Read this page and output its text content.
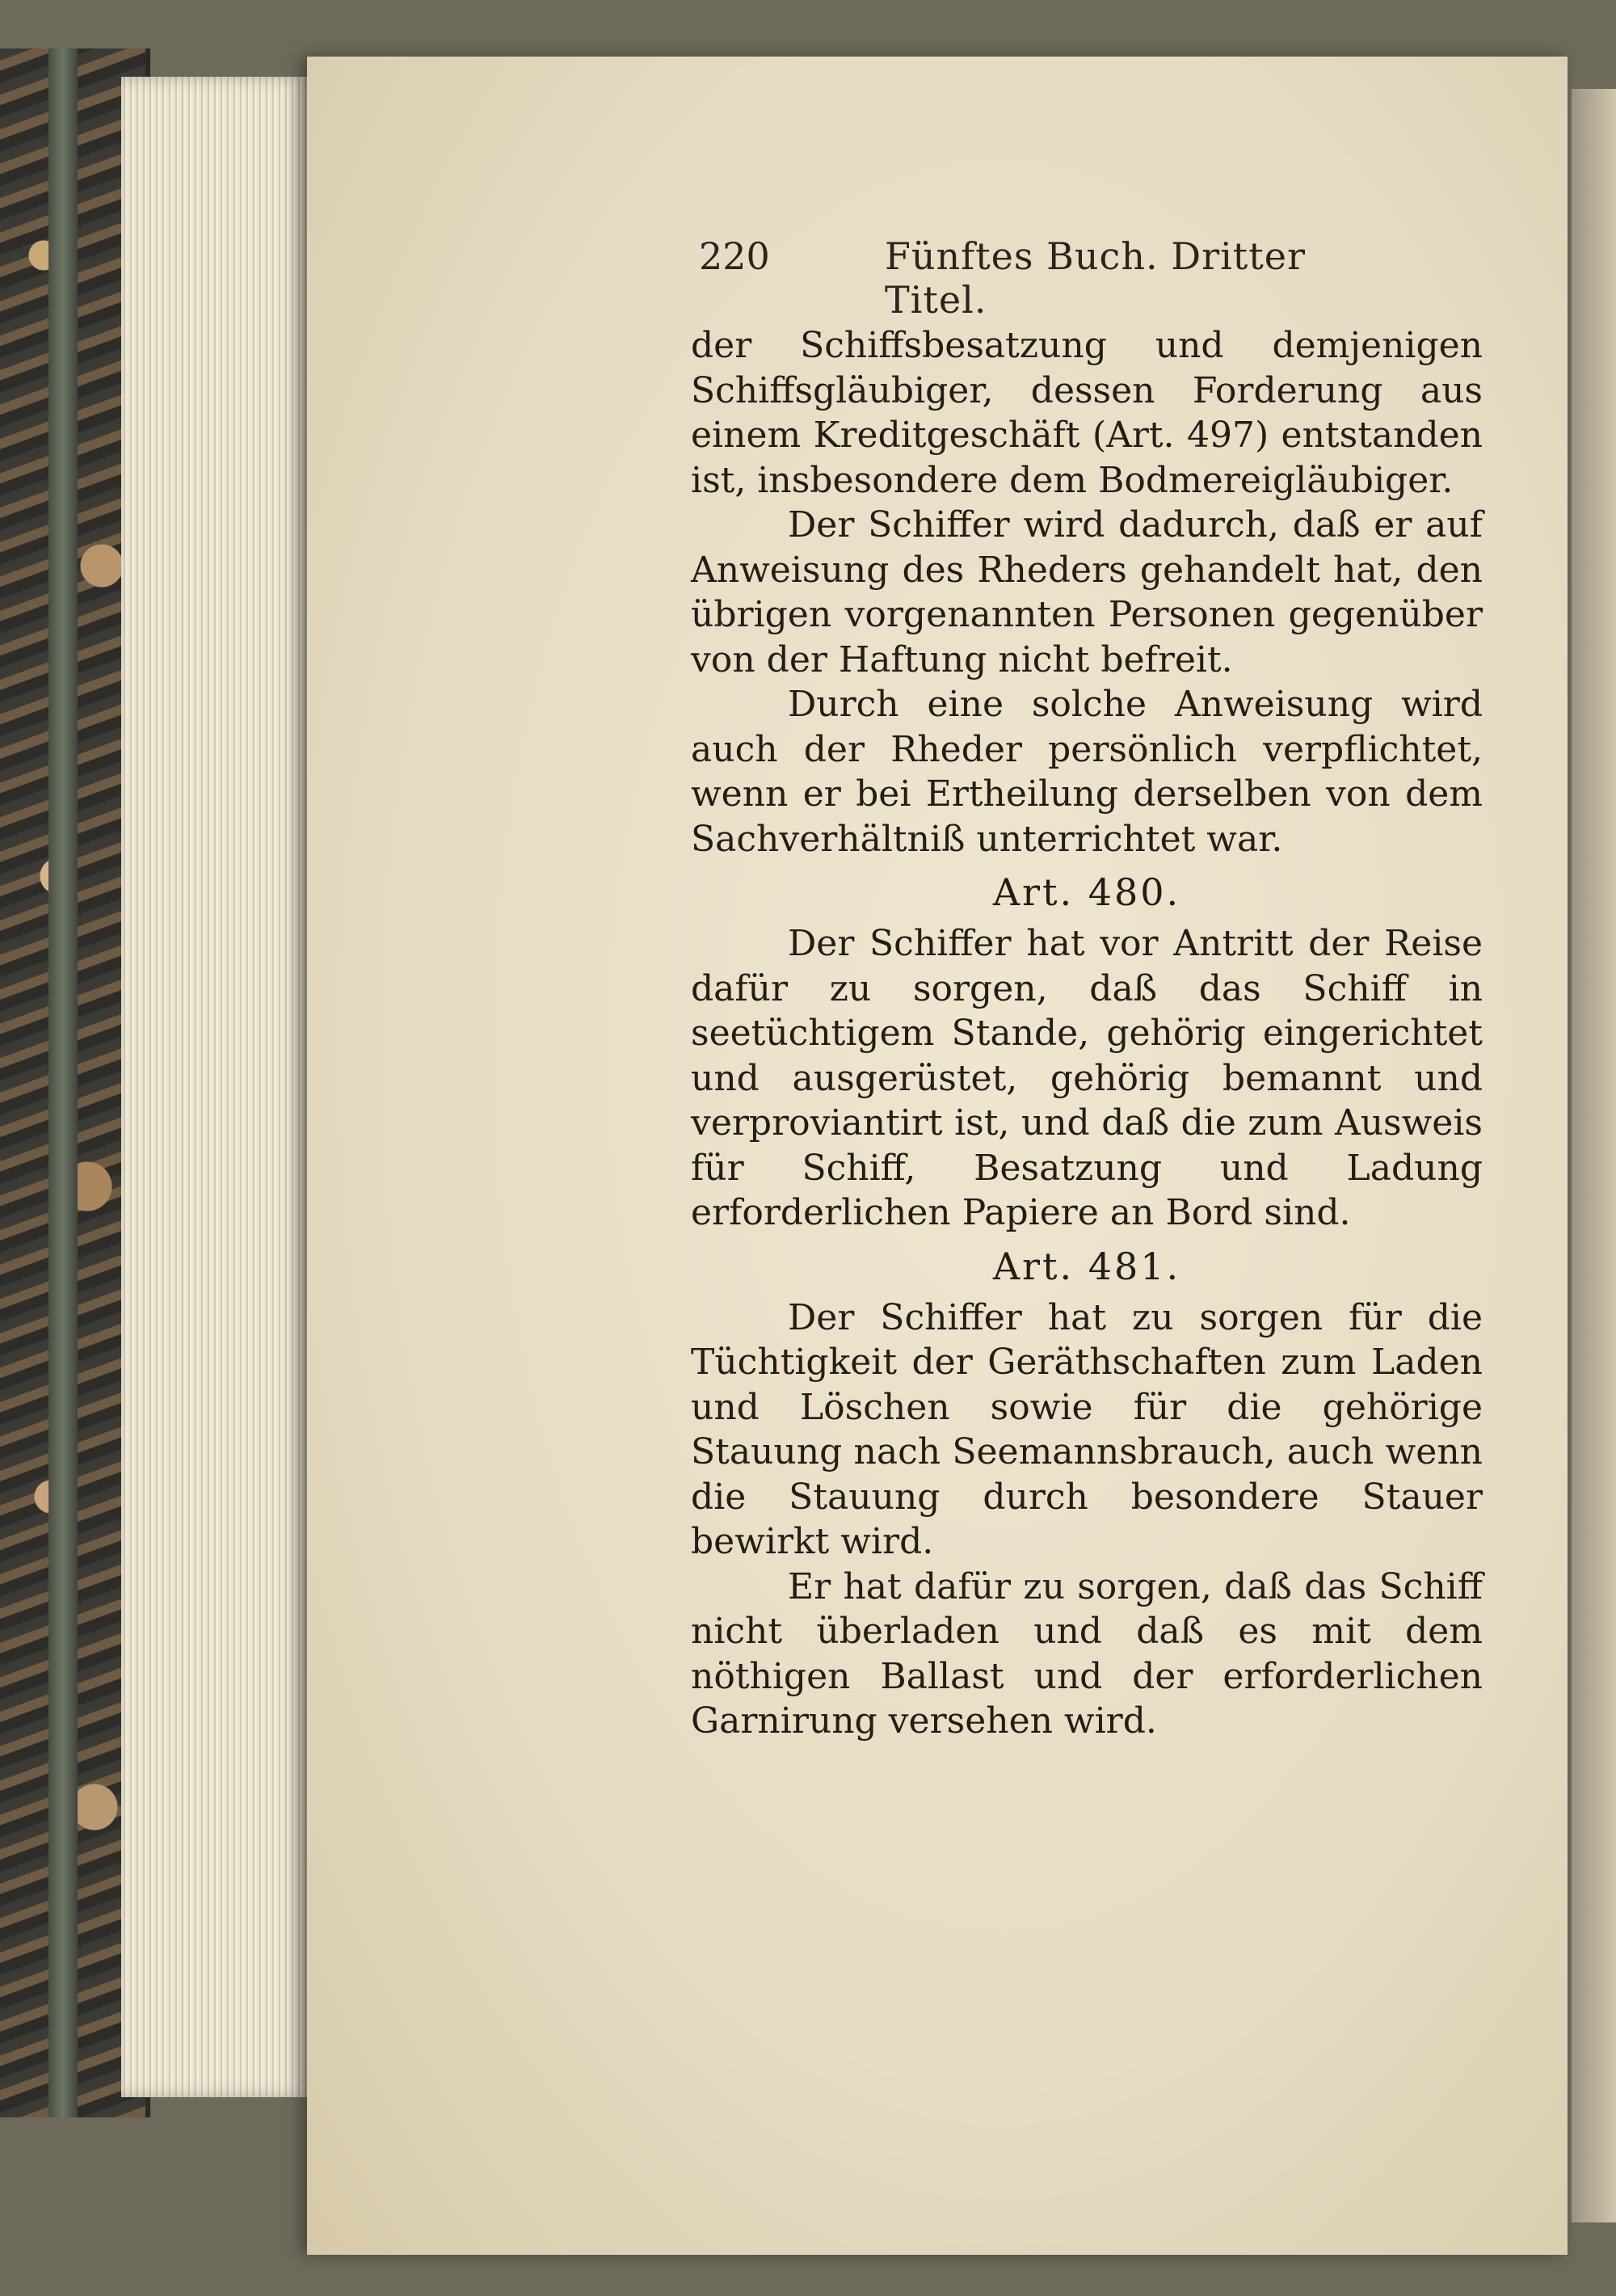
220	Fünftes Buch. Dritter Titel.

der Schiffsbesatzung und demjenigen Schiffsgläubiger, dessen Forderung aus einem Kreditgeschäft (Art. 497) entstanden ist, insbesondere dem Bodmereigläubiger.

Der Schiffer wird dadurch, daß er auf Anweisung des Rheders gehandelt hat, den übrigen vorgenannten Personen gegenüber von der Haftung nicht befreit.

Durch eine solche Anweisung wird auch der Rheder persönlich verpflichtet, wenn er bei Ertheilung derselben von dem Sachverhältniß unterrichtet war.

Art. 480.

Der Schiffer hat vor Antritt der Reise dafür zu sorgen, daß das Schiff in seetüchtigem Stande, gehörig eingerichtet und ausgerüstet, gehörig bemannt und verproviantirt ist, und daß die zum Ausweis für Schiff, Besatzung und Ladung erforderlichen Papiere an Bord sind.

Art. 481.

Der Schiffer hat zu sorgen für die Tüchtigkeit der Geräthschaften zum Laden und Löschen sowie für die gehörige Stauung nach Seemannsbrauch, auch wenn die Stauung durch besondere Stauer bewirkt wird.

Er hat dafür zu sorgen, daß das Schiff nicht überladen und daß es mit dem nöthigen Ballast und der erforderlichen Garnirung versehen wird.
